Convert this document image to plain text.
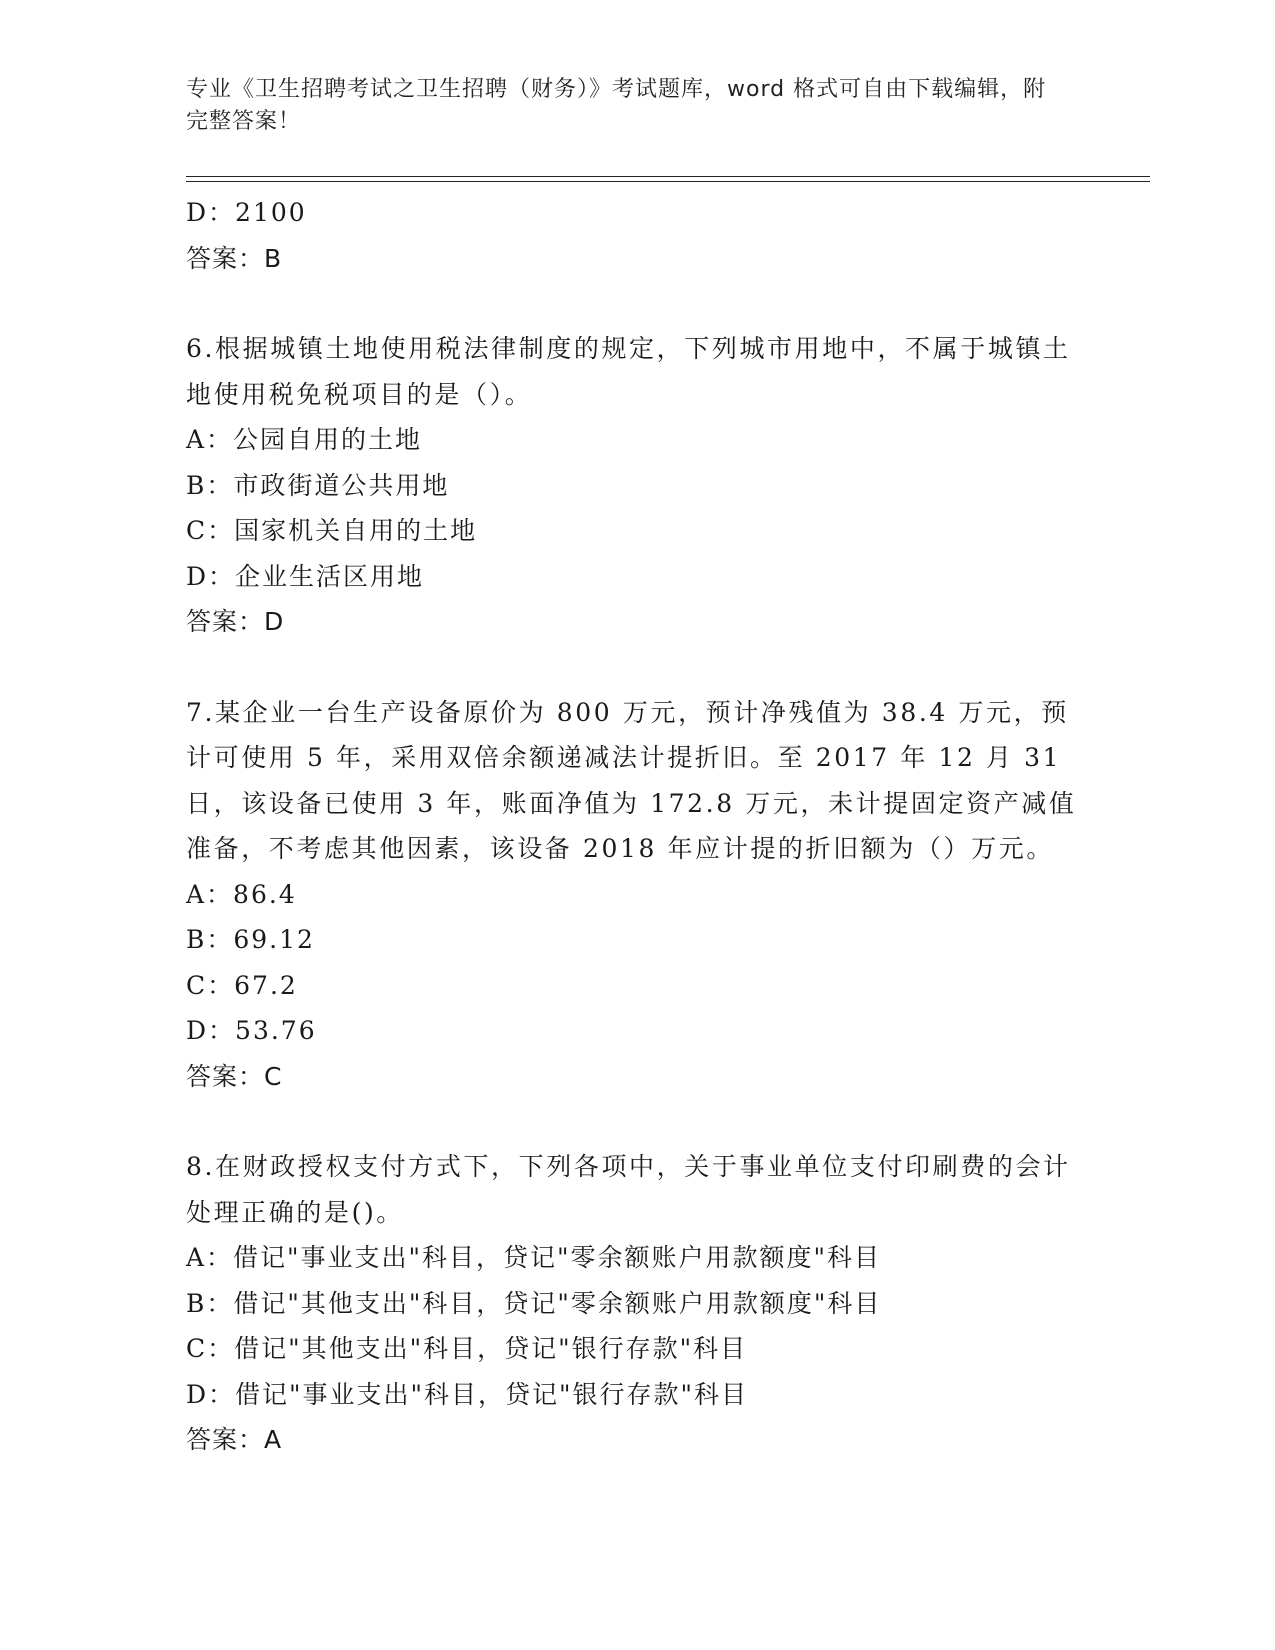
专业《卫生招聘考试之卫生招聘（财务）》考试题库，word 格式可自由下载编辑，附完整答案！
D：2100
答案：B
6.根据城镇土地使用税法律制度的规定，下列城市用地中，不属于城镇土地使用税免税项目的是（）。
A：公园自用的土地
B：市政街道公共用地
C：国家机关自用的土地
D：企业生活区用地
答案：D
7.某企业一台生产设备原价为 800 万元，预计净残值为 38.4 万元，预计可使用 5 年，采用双倍余额递减法计提折旧。至 2017 年 12 月 31 日，该设备已使用 3 年，账面净值为 172.8 万元，未计提固定资产减值准备，不考虑其他因素，该设备 2018 年应计提的折旧额为（）万元。
A：86.4
B：69.12
C：67.2
D：53.76
答案：C
8.在财政授权支付方式下，下列各项中，关于事业单位支付印刷费的会计处理正确的是()。
A：借记"事业支出"科目，贷记"零余额账户用款额度"科目
B：借记"其他支出"科目，贷记"零余额账户用款额度"科目
C：借记"其他支出"科目，贷记"银行存款"科目
D：借记"事业支出"科目，贷记"银行存款"科目
答案：A
